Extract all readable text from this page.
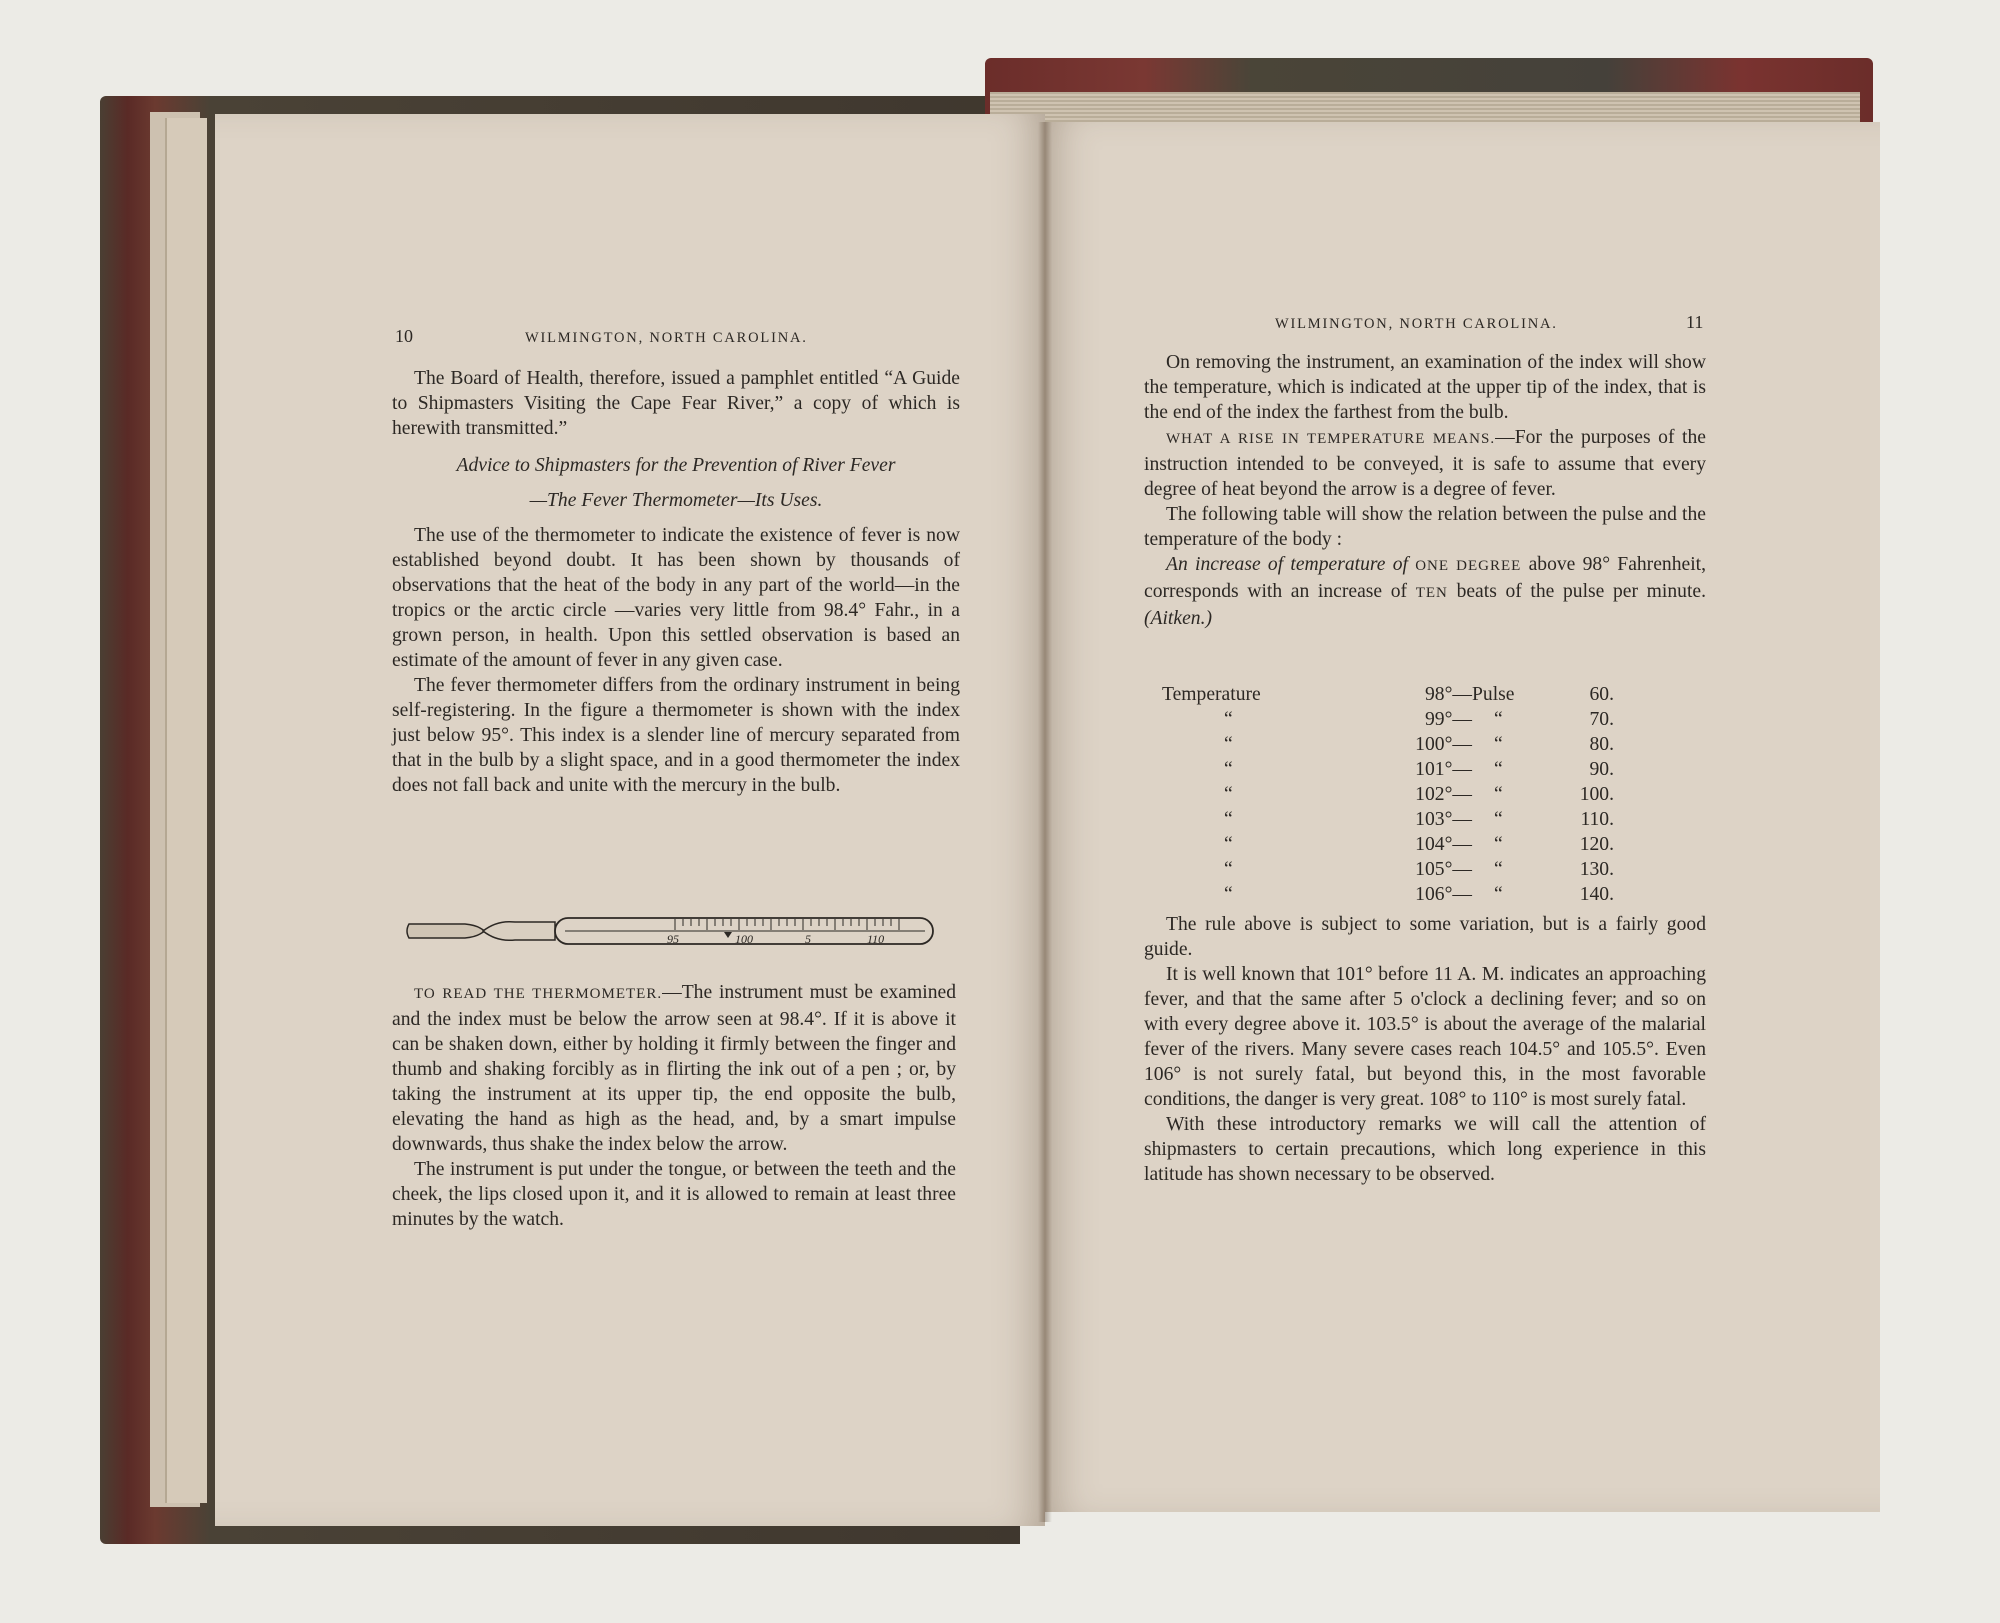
10	WILMINGTON, NORTH CAROLINA.

The Board of Health, therefore, issued a pamphlet entitled “A Guide to Shipmasters Visiting the Cape Fear River,” a copy of which is herewith transmitted.”

Advice to Shipmasters for the Prevention of River Fever

—The Fever Thermometer—Its Uses.

The use of the thermometer to indicate the existence of fever is now established beyond doubt. It has been shown by thousands of observations that the heat of the body in any part of the world—in the tropics or the arctic circle —varies very little from 98.4° Fahr., in a grown person, in health. Upon this settled observation is based an estimate of the amount of fever in any given case.

The fever thermometer differs from the ordinary instrument in being self-registering. In the figure a thermometer is shown with the index just below 95°. This index is a slender line of mercury separated from that in the bulb by a slight space, and in a good thermometer the index does not fall back and unite with the mercury in the bulb.

95	100	5	110

TO READ THE THERMOMETER.—The instrument must be examined and the index must be below the arrow seen at 98.4°. If it is above it can be shaken down, either by holding it firmly between the finger and thumb and shaking forcibly as in flirting the ink out of a pen ; or, by taking the instrument at its upper tip, the end opposite the bulb, elevating the hand as high as the head, and, by a smart impulse downwards, thus shake the index below the arrow.

The instrument is put under the tongue, or between the teeth and the cheek, the lips closed upon it, and it is allowed to remain at least three minutes by the watch.

WILMINGTON, NORTH CAROLINA.	11

On removing the instrument, an examination of the index will show the temperature, which is indicated at the upper tip of the index, that is the end of the index the farthest from the bulb.

WHAT A RISE IN TEMPERATURE MEANS.—For the purposes of the instruction intended to be conveyed, it is safe to assume that every degree of heat beyond the arrow is a degree of fever.

The following table will show the relation between the pulse and the temperature of the body :

An increase of temperature of ONE DEGREE above 98° Fahrenheit, corresponds with an increase of TEN beats of the pulse per minute. (Aitken.)

Temperature	98°—	Pulse	60.
“	99°—	“	70.
“	100°—	“	80.
“	101°—	“	90.
“	102°—	“	100.
“	103°—	“	110.
“	104°—	“	120.
“	105°—	“	130.
“	106°—	“	140.

The rule above is subject to some variation, but is a fairly good guide.

It is well known that 101° before 11 A. M. indicates an approaching fever, and that the same after 5 o'clock a declining fever; and so on with every degree above it. 103.5° is about the average of the malarial fever of the rivers. Many severe cases reach 104.5° and 105.5°. Even 106° is not surely fatal, but beyond this, in the most favorable conditions, the danger is very great. 108° to 110° is most surely fatal.

With these introductory remarks we will call the attention of shipmasters to certain precautions, which long experience in this latitude has shown necessary to be observed.
